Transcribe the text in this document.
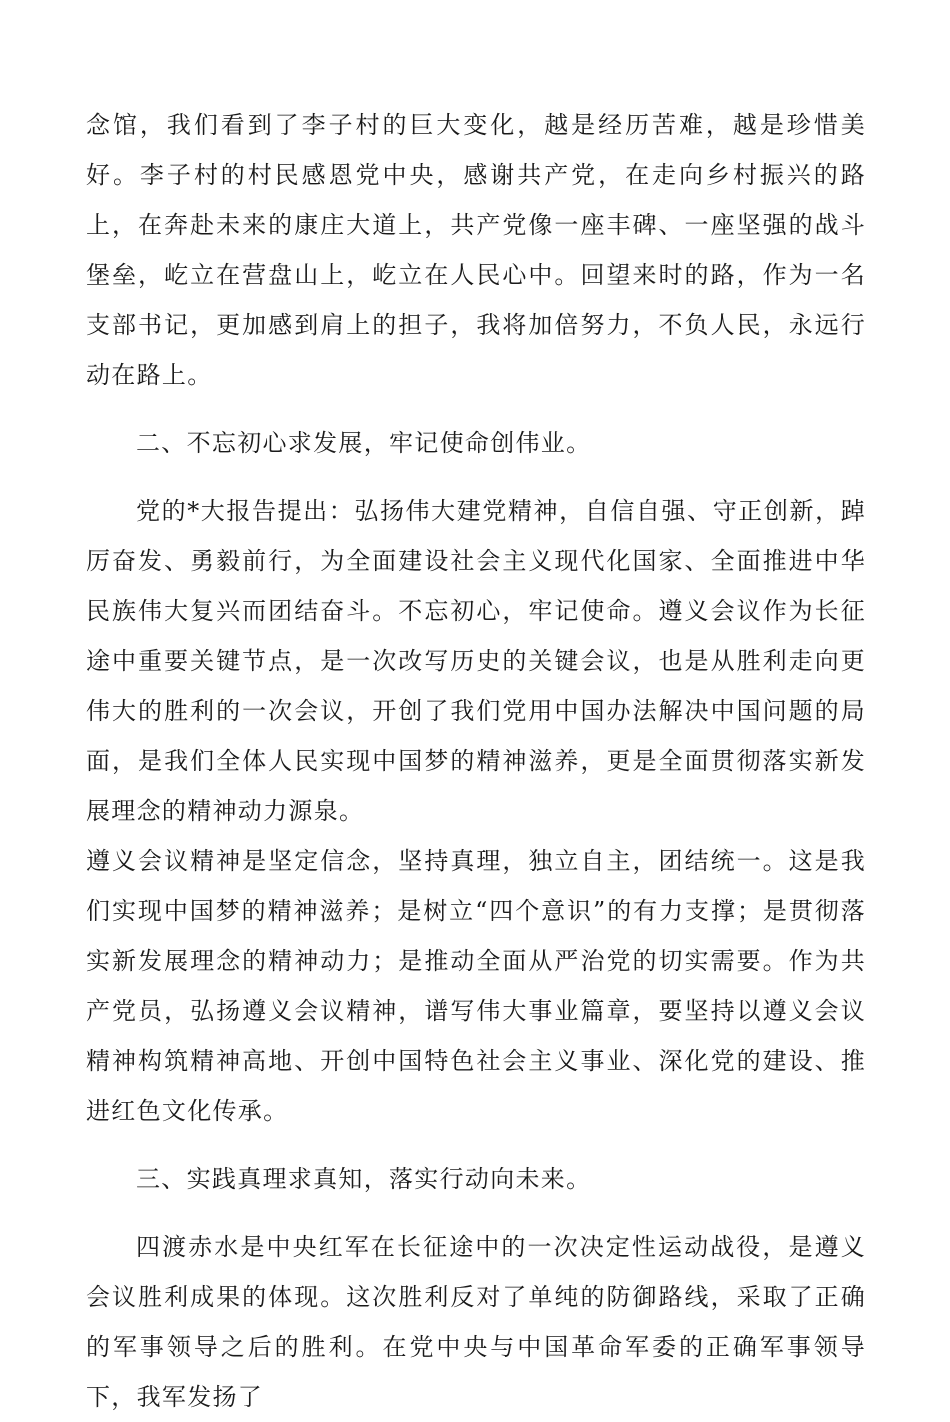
念馆，我们看到了李子村的巨大变化，越是经历苦难，越是珍惜美好。李子村的村民感恩党中央，感谢共产党，在走向乡村振兴的路上，在奔赴未来的康庄大道上，共产党像一座丰碑、一座坚强的战斗堡垒，屹立在营盘山上，屹立在人民心中。回望来时的路，作为一名支部书记，更加感到肩上的担子，我将加倍努力，不负人民，永远行动在路上。

二、不忘初心求发展，牢记使命创伟业。

党的*大报告提出：弘扬伟大建党精神，自信自强、守正创新，踔厉奋发、勇毅前行，为全面建设社会主义现代化国家、全面推进中华民族伟大复兴而团结奋斗。不忘初心，牢记使命。遵义会议作为长征途中重要关键节点，是一次改写历史的关键会议，也是从胜利走向更伟大的胜利的一次会议，开创了我们党用中国办法解决中国问题的局面，是我们全体人民实现中国梦的精神滋养，更是全面贯彻落实新发展理念的精神动力源泉。

遵义会议精神是坚定信念，坚持真理，独立自主，团结统一。这是我们实现中国梦的精神滋养；是树立“四个意识”的有力支撑；是贯彻落实新发展理念的精神动力；是推动全面从严治党的切实需要。作为共产党员，弘扬遵义会议精神，谱写伟大事业篇章，要坚持以遵义会议精神构筑精神高地、开创中国特色社会主义事业、深化党的建设、推进红色文化传承。

三、实践真理求真知，落实行动向未来。

四渡赤水是中央红军在长征途中的一次决定性运动战役，是遵义会议胜利成果的体现。这次胜利反对了单纯的防御路线，采取了正确的军事领导之后的胜利。在党中央与中国革命军委的正确军事领导下，我军发扬了
